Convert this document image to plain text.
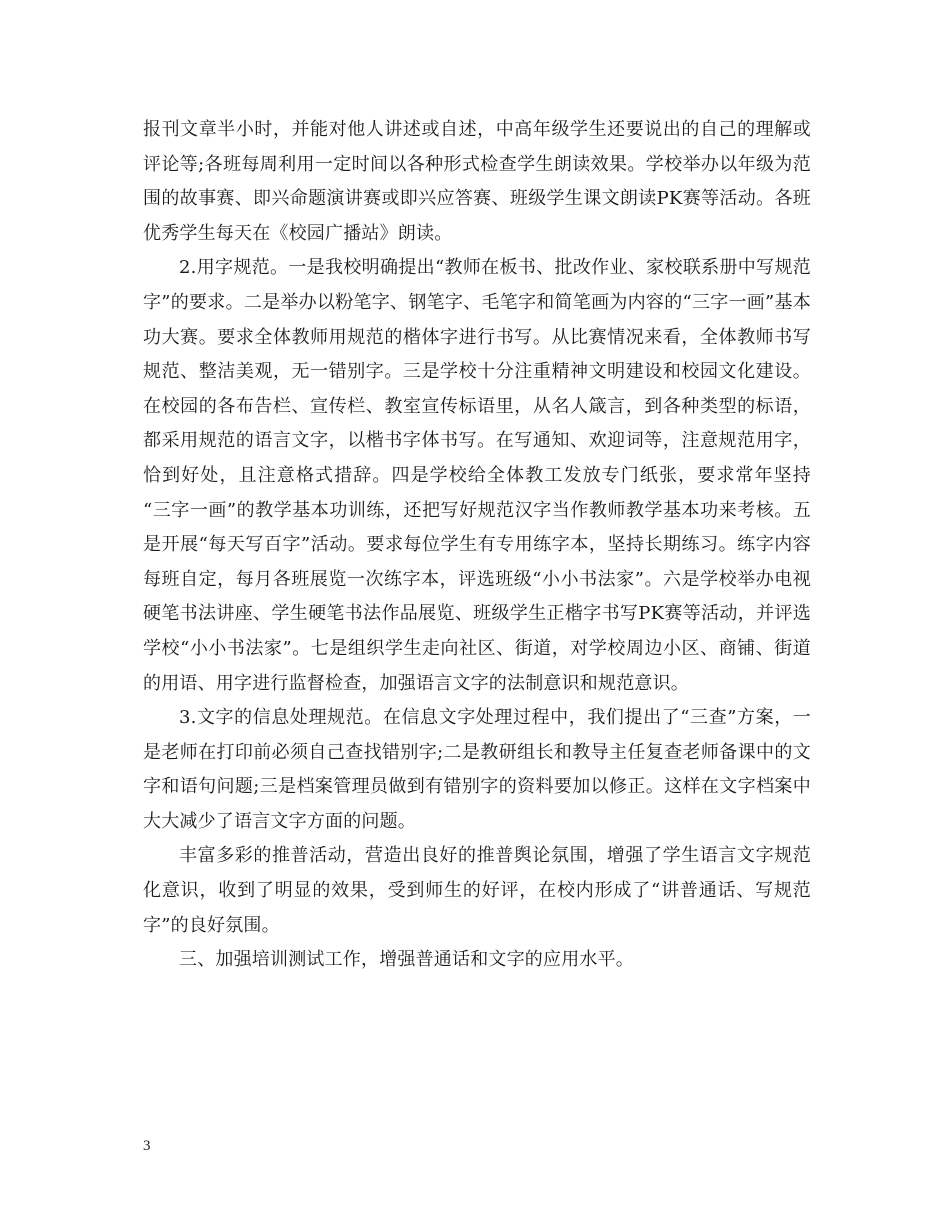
报刊文章半小时，并能对他人讲述或自述，中高年级学生还要说出的自己的理解或评论等;各班每周利用一定时间以各种形式检查学生朗读效果。学校举办以年级为范围的故事赛、即兴命题演讲赛或即兴应答赛、班级学生课文朗读PK赛等活动。各班优秀学生每天在《校园广播站》朗读。

2.用字规范。一是我校明确提出“教师在板书、批改作业、家校联系册中写规范字”的要求。二是举办以粉笔字、钢笔字、毛笔字和简笔画为内容的“三字一画”基本功大赛。要求全体教师用规范的楷体字进行书写。从比赛情况来看，全体教师书写规范、整洁美观，无一错别字。三是学校十分注重精神文明建设和校园文化建设。在校园的各布告栏、宣传栏、教室宣传标语里，从名人箴言，到各种类型的标语，都采用规范的语言文字，以楷书字体书写。在写通知、欢迎词等，注意规范用字，恰到好处，且注意格式措辞。四是学校给全体教工发放专门纸张，要求常年坚持 “三字一画”的教学基本功训练，还把写好规范汉字当作教师教学基本功来考核。五是开展“每天写百字”活动。要求每位学生有专用练字本，坚持长期练习。练字内容每班自定，每月各班展览一次练字本，评选班级“小小书法家”。六是学校举办电视硬笔书法讲座、学生硬笔书法作品展览、班级学生正楷字书写PK赛等活动，并评选学校“小小书法家”。七是组织学生走向社区、街道，对学校周边小区、商铺、街道的用语、用字进行监督检查，加强语言文字的法制意识和规范意识。

3.文字的信息处理规范。在信息文字处理过程中，我们提出了“三查”方案，一是老师在打印前必须自己查找错别字;二是教研组长和教导主任复查老师备课中的文字和语句问题;三是档案管理员做到有错别字的资料要加以修正。这样在文字档案中大大减少了语言文字方面的问题。

丰富多彩的推普活动，营造出良好的推普舆论氛围，增强了学生语言文字规范化意识，收到了明显的效果，受到师生的好评，在校内形成了“讲普通话、写规范字”的良好氛围。

三、加强培训测试工作，增强普通话和文字的应用水平。

3
